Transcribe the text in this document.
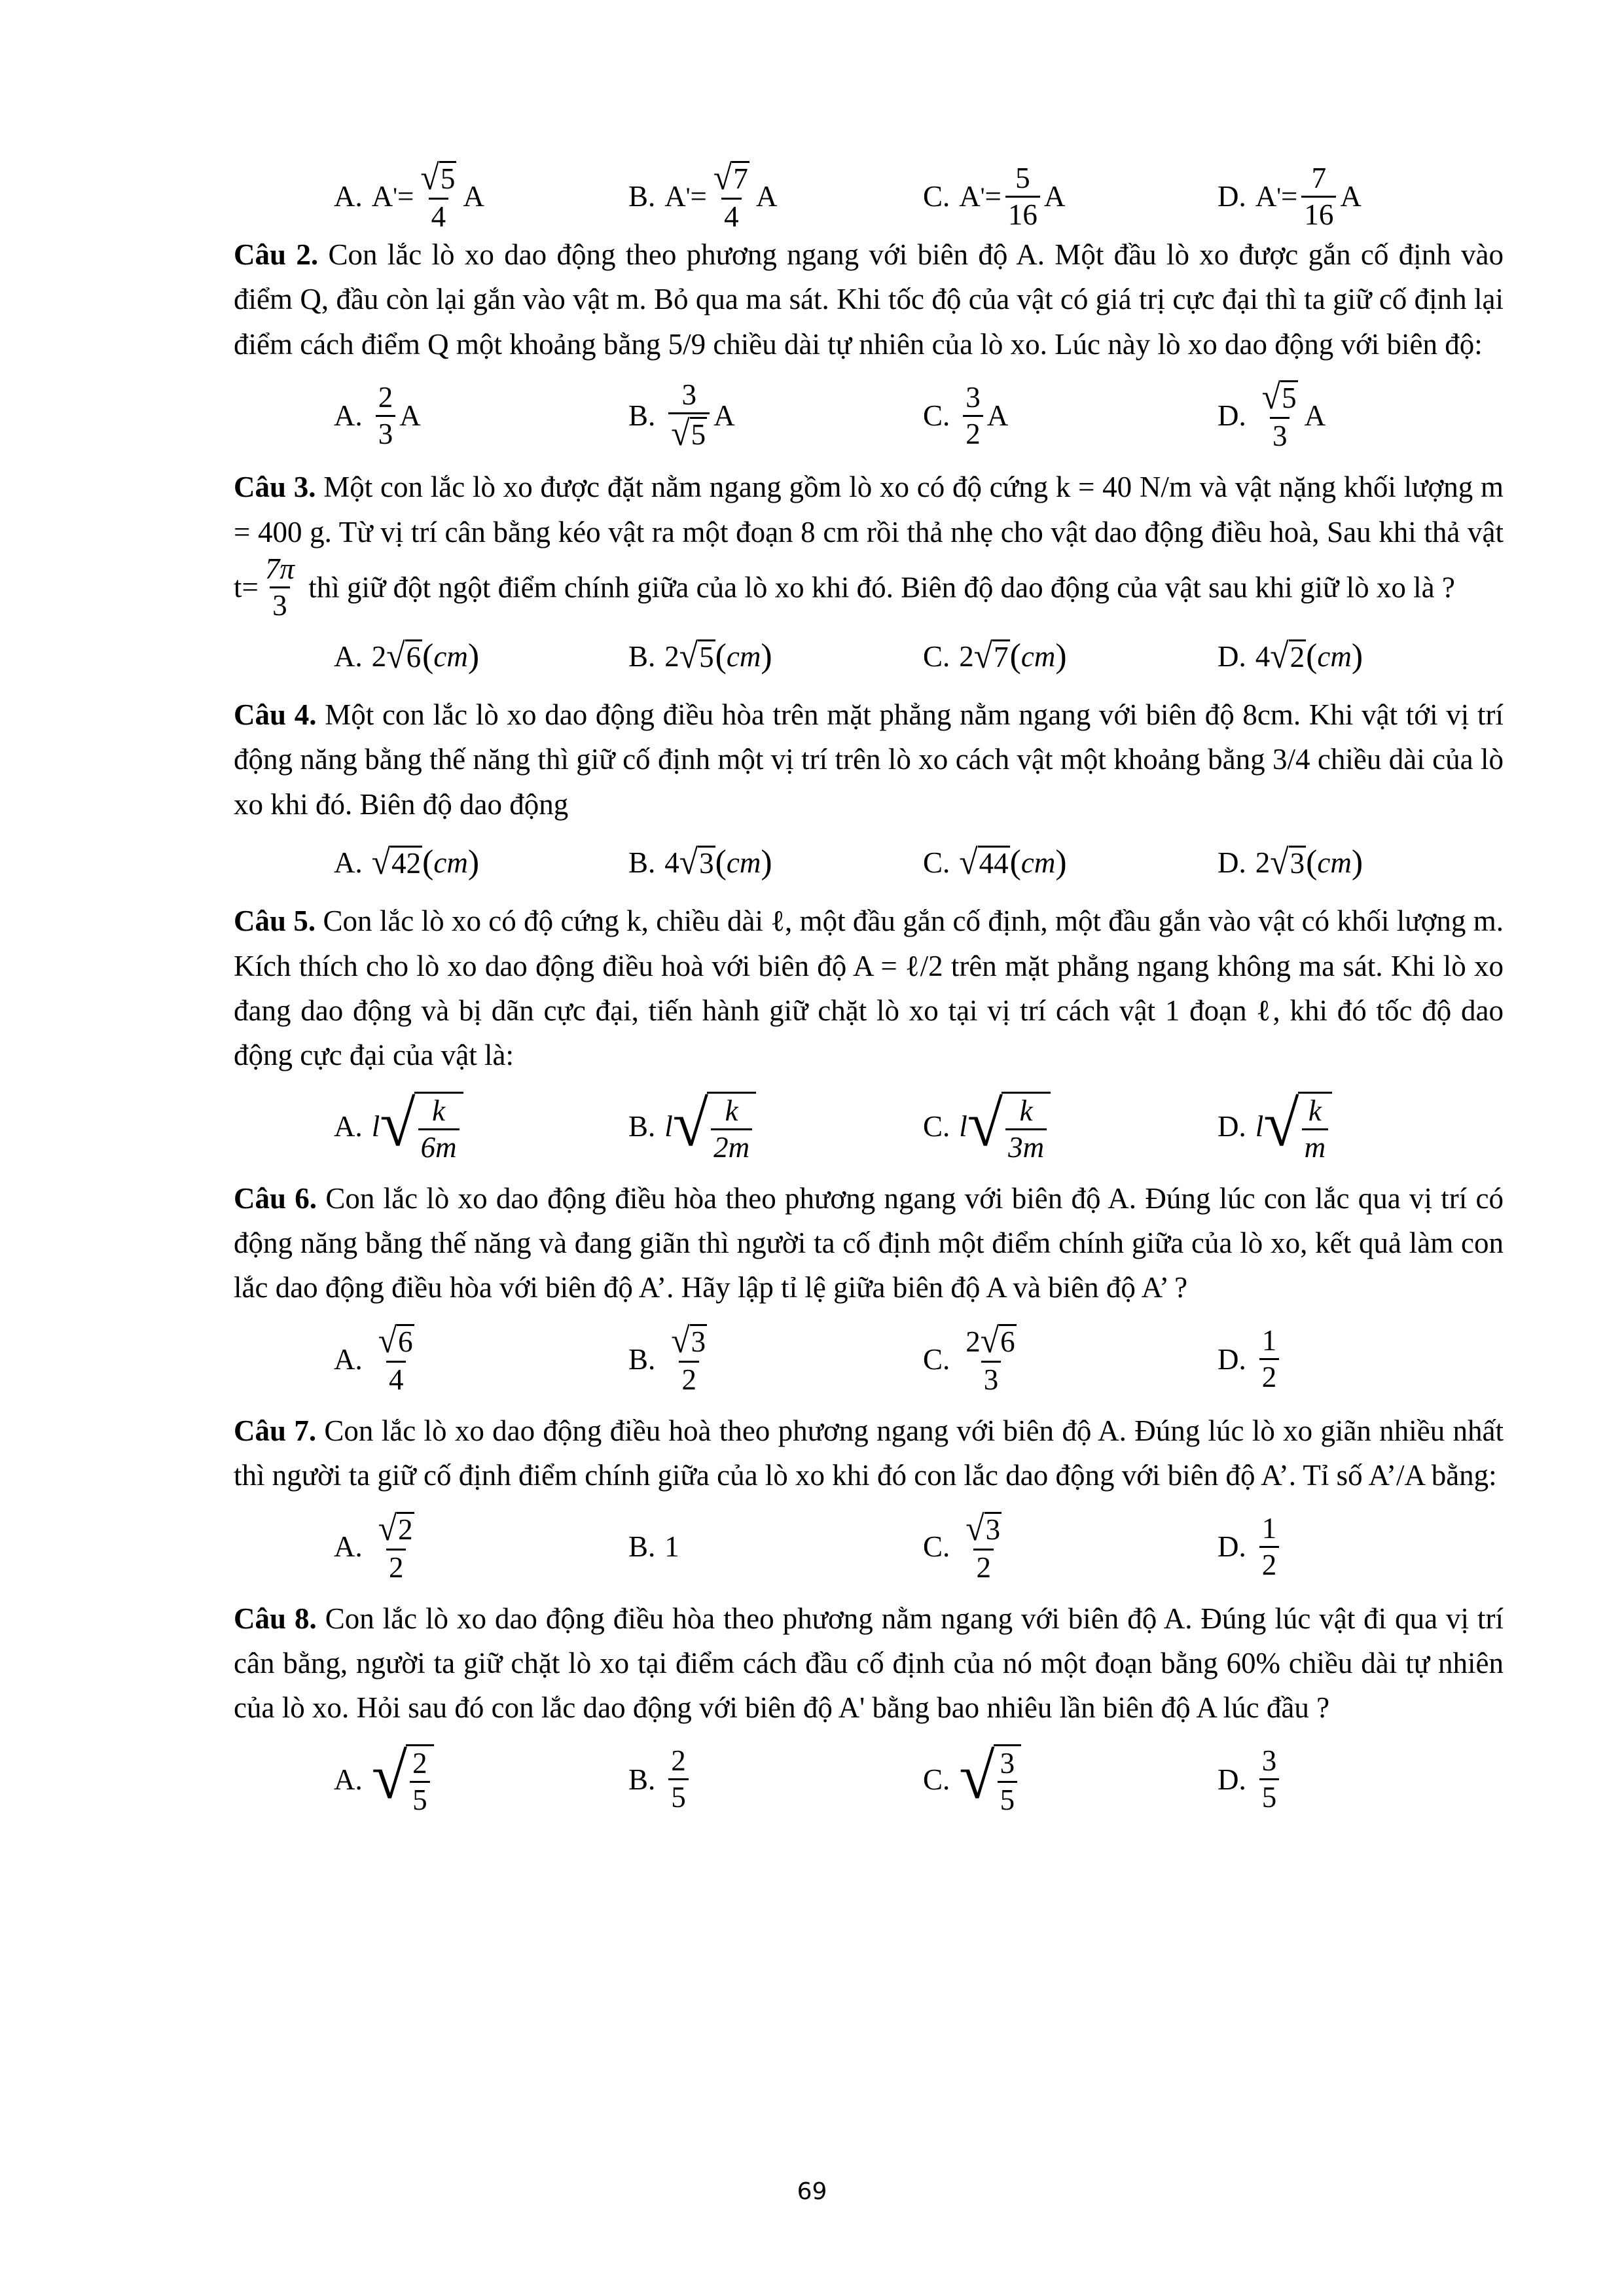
A. A ' = $\frac{√ 5}{4}$ A	B. A ' = $\frac{√ 7}{4}$ A	C. A ' = $\frac{5}{16}$ A	D. A ' = $\frac{7}{16}$ A

Câu 2. Con lắc lò xo dao động theo phương ngang với biên độ A. Một đầu lò xo được gắn cố định vào điểm Q, đầu còn lại gắn vào vật m. Bỏ qua ma sát. Khi tốc độ của vật có giá trị cực đại thì ta giữ cố định lại điểm cách điểm Q một khoảng bằng 5/9 chiều dài tự nhiên của lò xo. Lúc này lò xo dao động với biên độ:

A. $\frac{2}{3}$ A	B. $\frac{3}{√ 5}$ A	C. $\frac{3}{2}$ A	D. $\frac{√ 5}{3}$ A

Câu 3. Một con lắc lò xo được đặt nằm ngang gồm lò xo có độ cứng k = 40 N/m và vật nặng khối lượng m = 400 g. Từ vị trí cân bằng kéo vật ra một đoạn 8 cm rồi thả nhẹ cho vật dao động điều hoà, Sau khi thả vật
$t= \frac{7\pi}{3}$ thì giữ đột ngột điểm chính giữa của lò xo khi đó. Biên độ dao động của vật sau khi giữ lò xo là ?

A. 2 √ 6 ( cm )	B. 2 √ 5 ( cm )	C. 2 √ 7 ( cm )	D. 4 √ 2 ( cm )

Câu 4. Một con lắc lò xo dao động điều hòa trên mặt phẳng nằm ngang với biên độ 8cm. Khi vật tới vị trí động năng bằng thế năng thì giữ cố định một vị trí trên lò xo cách vật một khoảng bằng 3/4 chiều dài của lò xo khi đó. Biên độ dao động

A. √ 42 ( cm )	B. 4 √ 3 ( cm )	C. √ 44 ( cm )	D. 2 √ 3 ( cm )

Câu 5. Con lắc lò xo có độ cứng k, chiều dài ℓ, một đầu gắn cố định, một đầu gắn vào vật có khối lượng m. Kích thích cho lò xo dao động điều hoà với biên độ A = ℓ/2 trên mặt phẳng ngang không ma sát. Khi lò xo đang dao động và bị dãn cực đại, tiến hành giữ chặt lò xo tại vị trí cách vật 1 đoạn ℓ, khi đó tốc độ dao động cực đại của vật là:

A. l √ $\frac{k}{6m}$	B. l √ $\frac{k}{2m}$	C. l √ $\frac{k}{3m}$	D. l √ $\frac{k}{m}$

Câu 6. Con lắc lò xo dao động điều hòa theo phương ngang với biên độ A. Đúng lúc con lắc qua vị trí có động năng bằng thế năng và đang giãn thì người ta cố định một điểm chính giữa của lò xo, kết quả làm con lắc dao động điều hòa với biên độ A’. Hãy lập tỉ lệ giữa biên độ A và biên độ A’ ?

A. $\frac{√ 6}{4}$	B. $\frac{√ 3}{2}$	C. $\frac{2 √ 6}{3}$	D. $\frac{1}{2}$

Câu 7. Con lắc lò xo dao động điều hoà theo phương ngang với biên độ A. Đúng lúc lò xo giãn nhiều nhất thì người ta giữ cố định điểm chính giữa của lò xo khi đó con lắc dao động với biên độ A’. Tỉ số A’/A bằng:

A. $\frac{√ 2}{2}$	B. 1	C. $\frac{√ 3}{2}$	D. $\frac{1}{2}$

Câu 8. Con lắc lò xo dao động điều hòa theo phương nằm ngang với biên độ A. Đúng lúc vật đi qua vị trí cân bằng, người ta giữ chặt lò xo tại điểm cách đầu cố định của nó một đoạn bằng 60% chiều dài tự nhiên của lò xo. Hỏi sau đó con lắc dao động với biên độ A' bằng bao nhiêu lần biên độ A lúc đầu ?

A. √ $\frac{2}{5}$	B. $\frac{2}{5}$	C. √ $\frac{3}{5}$	D. $\frac{3}{5}$
69
